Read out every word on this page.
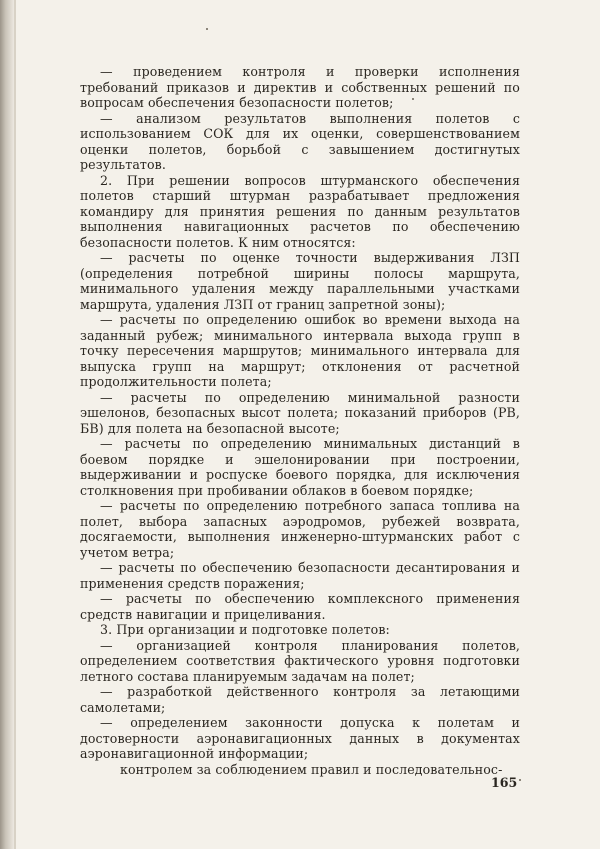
— проведением контроля и проверки исполнения требований приказов и директив и собственных решений по вопросам обеспечения безопасности полетов;

— анализом результатов выполнения полетов с использованием СОК для их оценки, совершенствованием оценки полетов, борьбой с завышением достигнутых результатов.

2. При решении вопросов штурманского обеспечения полетов старший штурман разрабатывает предложения командиру для принятия решения по данным результатов выполнения навигационных расчетов по обеспечению безопасности полетов. К ним относятся:

— расчеты по оценке точности выдерживания ЛЗП (определения потребной ширины полосы маршрута, минимального удаления между параллельными участками маршрута, удаления ЛЗП от границ запретной зоны);

— расчеты по определению ошибок во времени выхода на заданный рубеж; минимального интервала выхода групп в точку пересечения маршрутов; минимального интервала для выпуска групп на маршрут; отклонения от расчетной продолжительности полета;

— расчеты по определению минимальной разности эшелонов, безопасных высот полета; показаний приборов (РВ, БВ) для полета на безопасной высоте;

— расчеты по определению минимальных дистанций в боевом порядке и эшелонировании при построении, выдерживании и роспуске боевого порядка, для исключения столкновения при пробивании облаков в боевом порядке;

— расчеты по определению потребного запаса топлива на полет, выбора запасных аэродромов, рубежей возврата, досягаемости, выполнения инженерно-штурманских работ с учетом ветра;

— расчеты по обеспечению безопасности десантирования и применения средств поражения;

— расчеты по обеспечению комплексного применения средств навигации и прицеливания.

3. При организации и подготовке полетов:

— организацией контроля планирования полетов, определением соответствия фактического уровня подготовки летного состава планируемым задачам на полет;

— разработкой действенного контроля за летающими самолетами;

— определением законности допуска к полетам и достоверности аэронавигационных данных в документах аэронавигационной информации;

контролем за соблюдением правил и последовательнос-

165
